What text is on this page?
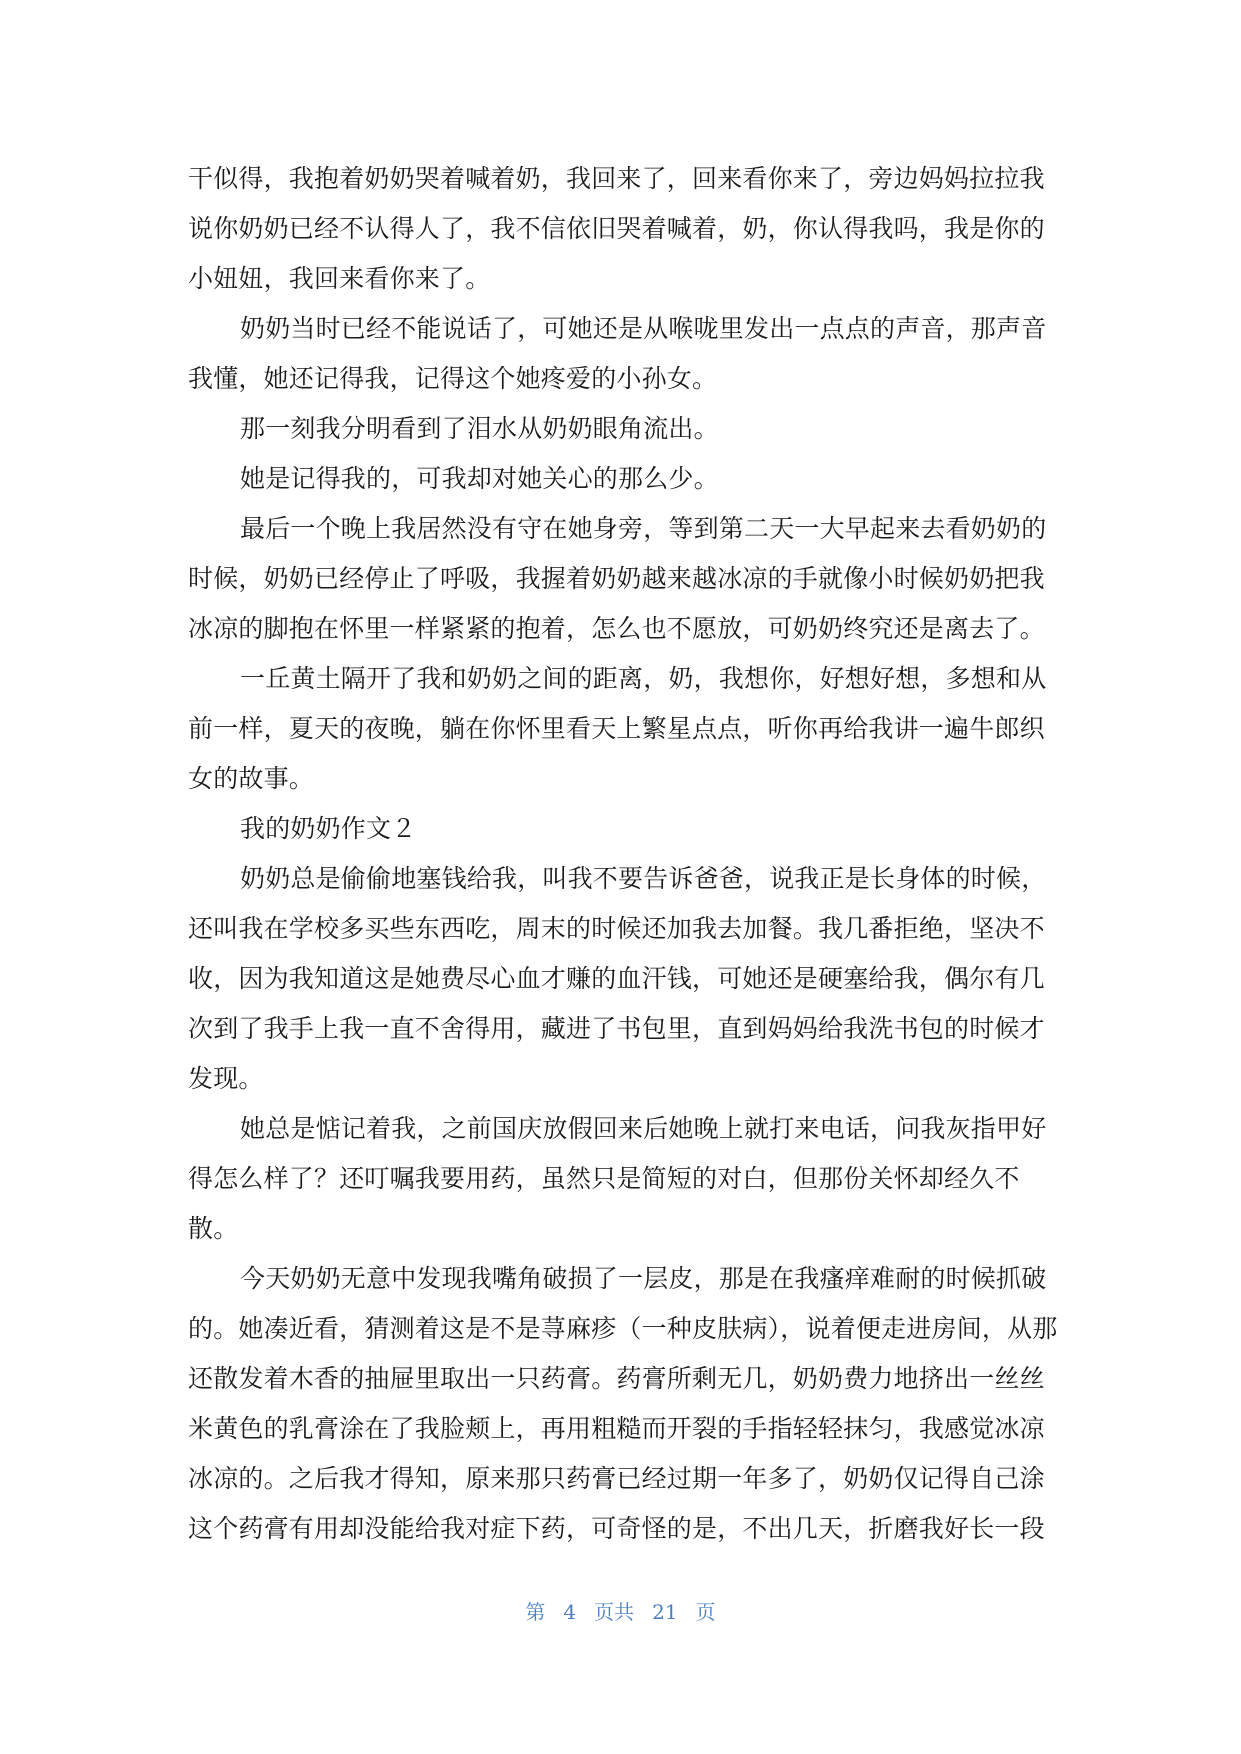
干似得，我抱着奶奶哭着喊着奶，我回来了，回来看你来了，旁边妈妈拉拉我
说你奶奶已经不认得人了，我不信依旧哭着喊着，奶，你认得我吗，我是你的
小妞妞，我回来看你来了。
奶奶当时已经不能说话了，可她还是从喉咙里发出一点点的声音，那声音
我懂，她还记得我，记得这个她疼爱的小孙女。
那一刻我分明看到了泪水从奶奶眼角流出。
她是记得我的，可我却对她关心的那么少。
最后一个晚上我居然没有守在她身旁，等到第二天一大早起来去看奶奶的
时候，奶奶已经停止了呼吸，我握着奶奶越来越冰凉的手就像小时候奶奶把我
冰凉的脚抱在怀里一样紧紧的抱着，怎么也不愿放，可奶奶终究还是离去了。
一丘黄土隔开了我和奶奶之间的距离，奶，我想你，好想好想，多想和从
前一样，夏天的夜晚，躺在你怀里看天上繁星点点，听你再给我讲一遍牛郎织
女的故事。
我的奶奶作文２
奶奶总是偷偷地塞钱给我，叫我不要告诉爸爸，说我正是长身体的时候，
还叫我在学校多买些东西吃，周末的时候还加我去加餐。我几番拒绝，坚决不
收，因为我知道这是她费尽心血才赚的血汗钱，可她还是硬塞给我，偶尔有几
次到了我手上我一直不舍得用，藏进了书包里，直到妈妈给我洗书包的时候才
发现。
她总是惦记着我，之前国庆放假回来后她晚上就打来电话，问我灰指甲好
得怎么样了？还叮嘱我要用药，虽然只是简短的对白，但那份关怀却经久不
散。
今天奶奶无意中发现我嘴角破损了一层皮，那是在我瘙痒难耐的时候抓破
的。她凑近看，猜测着这是不是荨麻疹（一种皮肤病），说着便走进房间，从那
还散发着木香的抽屉里取出一只药膏。药膏所剩无几，奶奶费力地挤出一丝丝
米黄色的乳膏涂在了我脸颊上，再用粗糙而开裂的手指轻轻抹匀，我感觉冰凉
冰凉的。之后我才得知，原来那只药膏已经过期一年多了，奶奶仅记得自己涂
这个药膏有用却没能给我对症下药，可奇怪的是，不出几天，折磨我好长一段
第 4 页共 21 页
